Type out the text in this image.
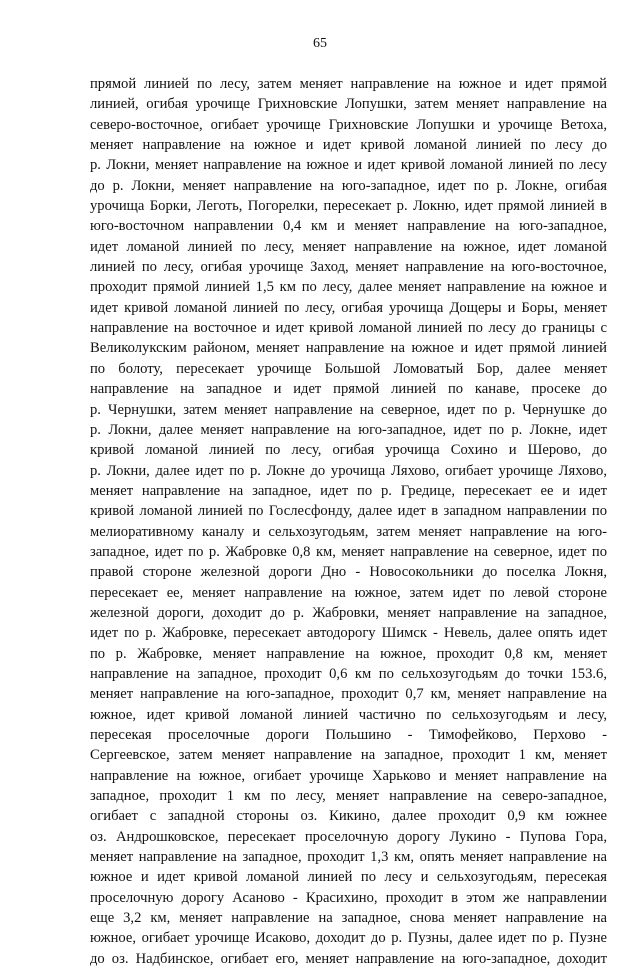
65
прямой линией по лесу, затем меняет направление на южное и идет прямой
линией, огибая урочище Грихновские Лопушки, затем меняет направление на
северо-восточное, огибает урочище Грихновские Лопушки и урочище Ветоха,
меняет направление на южное и идет кривой ломаной линией по лесу до
р. Локни, меняет направление на южное и идет кривой ломаной линией по лесу
до р. Локни, меняет направление на юго-западное, идет по р. Локне, огибая
урочища Борки, Леготь, Погорелки, пересекает р. Локню, идет прямой линией в
юго-восточном направлении 0,4 км и меняет направление на юго-западное,
идет ломаной линией по лесу, меняет направление на южное, идет ломаной
линией по лесу, огибая урочище Заход, меняет направление на юго-восточное,
проходит прямой линией 1,5 км по лесу, далее меняет направление на южное и
идет кривой ломаной линией по лесу, огибая урочища Дощеры и Боры, меняет
направление на восточное и идет кривой ломаной линией по лесу до границы с
Великолукским районом, меняет направление на южное и идет прямой линией
по болоту, пересекает урочище Большой Ломоватый Бор, далее меняет
направление на западное и идет прямой линией по канаве, просеке до
р. Чернушки, затем меняет направление на северное, идет по р. Чернушке до
р. Локни, далее меняет направление на юго-западное, идет по р. Локне, идет
кривой ломаной линией по лесу, огибая урочища Сохино и Шерово, до
р. Локни, далее идет по р. Локне до урочища Ляхово, огибает урочище Ляхово,
меняет направление на западное, идет по р. Гредице, пересекает ее и идет
кривой ломаной линией по Гослесфонду, далее идет в западном направлении по
мелиоративному каналу и сельхозугодьям, затем меняет направление на юго-
западное, идет по р. Жабровке 0,8 км, меняет направление на северное, идет по
правой стороне железной дороги Дно - Новосокольники до поселка Локня,
пересекает ее, меняет направление на южное, затем идет по левой стороне
железной дороги, доходит до р. Жабровки, меняет направление на западное,
идет по р. Жабровке, пересекает автодорогу Шимск - Невель, далее опять идет
по р. Жабровке, меняет направление на южное, проходит 0,8 км, меняет
направление на западное, проходит 0,6 км по сельхозугодьям до точки 153.6,
меняет направление на юго-западное, проходит 0,7 км, меняет направление на
южное, идет кривой ломаной линией частично по сельхозугодьям и лесу,
пересекая проселочные дороги Польшино - Тимофейково, Перхово -
Сергеевское, затем меняет направление на западное, проходит 1 км, меняет
направление на южное, огибает урочище Харьково и меняет направление на
западное, проходит 1 км по лесу, меняет направление на северо-западное,
огибает с западной стороны оз. Кикино, далее проходит 0,9 км южнее
оз. Андрошковское, пересекает проселочную дорогу Лукино - Пупова Гора,
меняет направление на западное, проходит 1,3 км, опять меняет направление на
южное и идет кривой ломаной линией по лесу и сельхозугодьям, пересекая
проселочную дорогу Асаново - Красихино, проходит в этом же направлении
еще 3,2 км, меняет направление на западное, снова меняет направление на
южное, огибает урочище Исаково, доходит до р. Пузны, далее идет по р. Пузне
до оз. Надбинское, огибает его, меняет направление на юго-западное, доходит
